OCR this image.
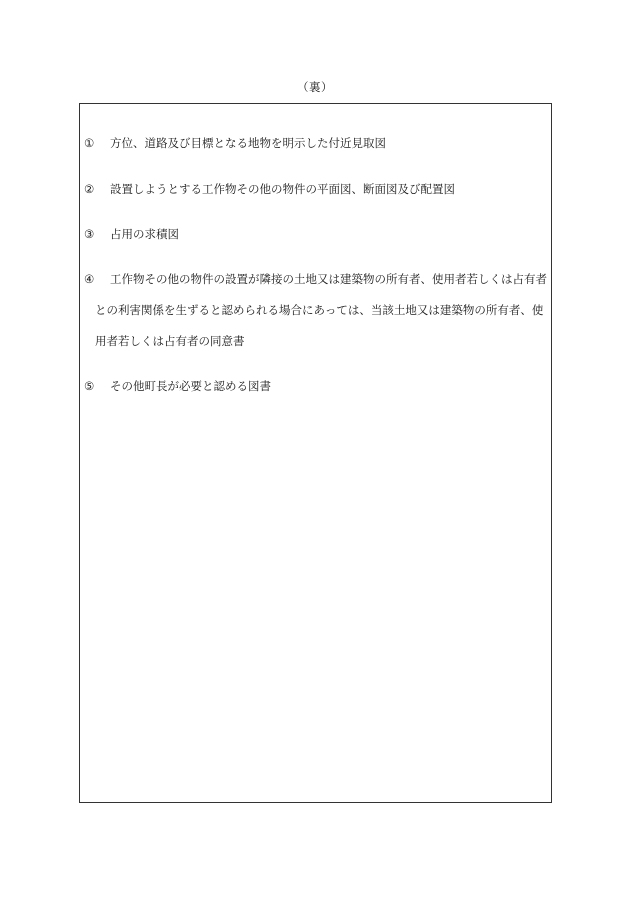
（裏）
① 方位、道路及び目標となる地物を明示した付近見取図
② 設置しようとする工作物その他の物件の平面図、断面図及び配置図
③ 占用の求積図
④ 工作物その他の物件の設置が隣接の土地又は建築物の所有者、使用者若しくは占有者
との利害関係を生ずると認められる場合にあっては、当該土地又は建築物の所有者、使
用者若しくは占有者の同意書
⑤ その他町長が必要と認める図書
